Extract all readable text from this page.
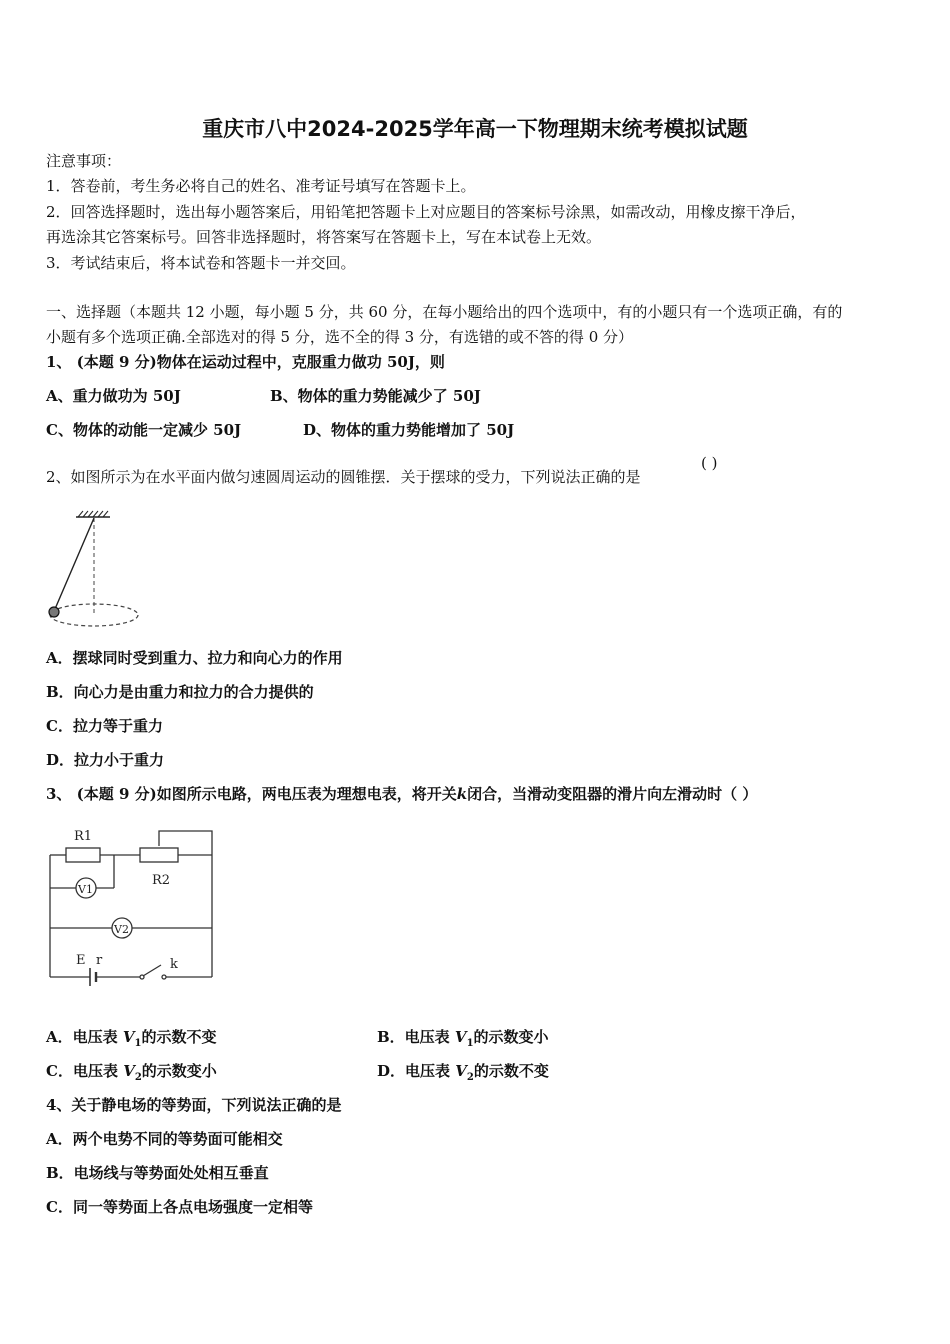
重庆市八中2024-2025学年高一下物理期末统考模拟试题
注意事项：
1．答卷前，考生务必将自己的姓名、准考证号填写在答题卡上。
2．回答选择题时，选出每小题答案后，用铅笔把答题卡上对应题目的答案标号涂黑，如需改动，用橡皮擦干净后，
再选涂其它答案标号。回答非选择题时，将答案写在答题卡上，写在本试卷上无效。
3．考试结束后，将本试卷和答题卡一并交回。
一、选择题（本题共 12 小题，每小题 5 分，共 60 分，在每小题给出的四个选项中，有的小题只有一个选项正确，有的
小题有多个选项正确.全部选对的得 5 分，选不全的得 3 分，有选错的或不答的得 0 分）
1、 (本题 9 分)物体在运动过程中，克服重力做功 50J，则
A、重力做功为 50J	B、物体的重力势能减少了 50J
C、物体的动能一定减少 50J	D、物体的重力势能增加了 50J
2、如图所示为在水平面内做匀速圆周运动的圆锥摆．关于摆球的受力，下列说法正确的是
( )
A．摆球同时受到重力、拉力和向心力的作用
B．向心力是由重力和拉力的合力提供的
C．拉力等于重力
D．拉力小于重力
3、 (本题 9 分)如图所示电路，两电压表为理想电表，将开关k闭合，当滑动变阻器的滑片向左滑动时（ ）
R1
R2
V1
V2
E r	k
A．电压表 $V_1$的示数不变	B．电压表 $V_1$的示数变小
C．电压表 $V_2$的示数变小	D．电压表 $V_2$的示数不变
4、关于静电场的等势面，下列说法正确的是
A．两个电势不同的等势面可能相交
B．电场线与等势面处处相互垂直
C．同一等势面上各点电场强度一定相等
